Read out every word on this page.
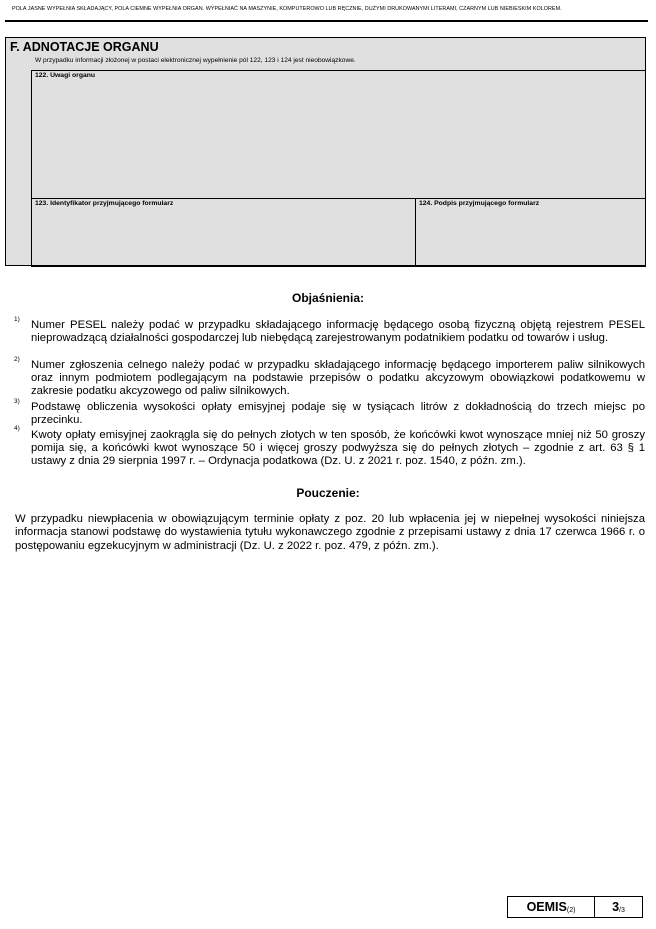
POLA JASNE WYPEŁNIA SKŁADAJĄCY, POLA CIEMNE WYPEŁNIA ORGAN. WYPEŁNIAĆ NA MASZYNIE, KOMPUTEROWO LUB RĘCZNIE, DUŻYMI DRUKOWANYMI LITERAMI, CZARNYM LUB NIEBIESKIM KOLOREM.
F. ADNOTACJE ORGANU
W przypadku informacji złożonej w postaci elektronicznej wypełnienie pól 122, 123 i 124 jest nieobowiązkowe.
122. Uwagi organu
123. Identyfikator przyjmującego formularz	124. Podpis przyjmującego formularz
Objaśnienia:
1) Numer PESEL należy podać w przypadku składającego informację będącego osobą fizyczną objętą rejestrem PESEL nieprowadzącą działalności gospodarczej lub niebędącą zarejestrowanym podatnikiem podatku od towarów i usług.
2) Numer zgłoszenia celnego należy podać w przypadku składającego informację będącego importerem paliw silnikowych oraz innym podmiotem podlegającym na podstawie przepisów o podatku akcyzowym obowiązkowi podatkowemu w zakresie podatku akcyzowego od paliw silnikowych.
3) Podstawę obliczenia wysokości opłaty emisyjnej podaje się w tysiącach litrów z dokładnością do trzech miejsc po przecinku.
4)
Kwoty opłaty emisyjnej zaokrągla się do pełnych złotych w ten sposób, że końcówki kwot wynoszące mniej niż 50 groszy pomija się, a końcówki kwot wynoszące 50 i więcej groszy podwyższa się do pełnych złotych – zgodnie z art. 63 § 1 ustawy z dnia 29 sierpnia 1997 r. – Ordynacja podatkowa (Dz. U. z 2021 r. poz. 1540, z późn. zm.).
Pouczenie:
W przypadku niewpłacenia w obowiązującym terminie opłaty z poz. 20 lub wpłacenia jej w niepełnej wysokości niniejsza informacja stanowi podstawę do wystawienia tytułu wykonawczego zgodnie z przepisami ustawy z dnia 17 czerwca 1966 r. o postępowaniu egzekucyjnym w administracji (Dz. U. z 2022 r. poz. 479, z późn. zm.).
OEMIS (2)	3 /3
